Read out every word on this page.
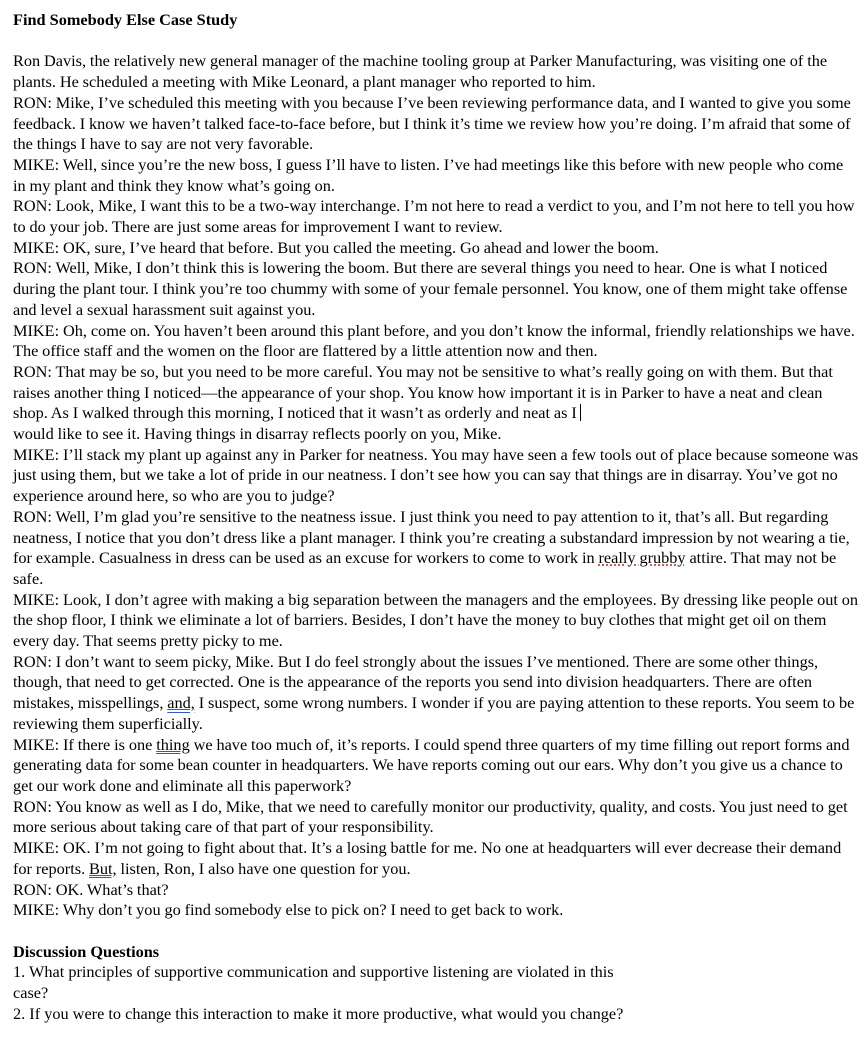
Find Somebody Else Case Study

Ron Davis, the relatively new general manager of the machine tooling group at Parker Manufacturing, was visiting one of the plants. He scheduled a meeting with Mike Leonard, a plant manager who reported to him.

RON: Mike, I’ve scheduled this meeting with you because I’ve been reviewing performance data, and I wanted to give you some feedback. I know we haven’t talked face-to-face before, but I think it’s time we review how you’re doing. I’m afraid that some of the things I have to say are not very favorable.

MIKE: Well, since you’re the new boss, I guess I’ll have to listen. I’ve had meetings like this before with new people who come in my plant and think they know what’s going on.

RON: Look, Mike, I want this to be a two-way interchange. I’m not here to read a verdict to you, and I’m not here to tell you how to do your job. There are just some areas for improvement I want to review.

MIKE: OK, sure, I’ve heard that before. But you called the meeting. Go ahead and lower the boom.

RON: Well, Mike, I don’t think this is lowering the boom. But there are several things you need to hear. One is what I noticed during the plant tour. I think you’re too chummy with some of your female personnel. You know, one of them might take offense and level a sexual harassment suit against you.

MIKE: Oh, come on. You haven’t been around this plant before, and you don’t know the informal, friendly relationships we have. The office staff and the women on the floor are flattered by a little attention now and then.

RON: That may be so, but you need to be more careful. You may not be sensitive to what’s really going on with them. But that raises another thing I noticed—the appearance of your shop. You know how important it is in Parker to have a neat and clean shop. As I walked through this morning, I noticed that it wasn’t as orderly and neat as I
would like to see it. Having things in disarray reflects poorly on you, Mike.

MIKE: I’ll stack my plant up against any in Parker for neatness. You may have seen a few tools out of place because someone was just using them, but we take a lot of pride in our neatness. I don’t see how you can say that things are in disarray. You’ve got no experience around here, so who are you to judge?

RON: Well, I’m glad you’re sensitive to the neatness issue. I just think you need to pay attention to it, that’s all. But regarding neatness, I notice that you don’t dress like a plant manager. I think you’re creating a substandard impression by not wearing a tie, for example. Casualness in dress can be used as an excuse for workers to come to work in really grubby attire. That may not be safe.

MIKE: Look, I don’t agree with making a big separation between the managers and the employees. By dressing like people out on the shop floor, I think we eliminate a lot of barriers. Besides, I don’t have the money to buy clothes that might get oil on them every day. That seems pretty picky to me.

RON: I don’t want to seem picky, Mike. But I do feel strongly about the issues I’ve mentioned. There are some other things, though, that need to get corrected. One is the appearance of the reports you send into division headquarters. There are often mistakes, misspellings, and, I suspect, some wrong numbers. I wonder if you are paying attention to these reports. You seem to be reviewing them superficially.

MIKE: If there is one thing we have too much of, it’s reports. I could spend three quarters of my time filling out report forms and generating data for some bean counter in headquarters. We have reports coming out our ears. Why don’t you give us a chance to get our work done and eliminate all this paperwork?

RON: You know as well as I do, Mike, that we need to carefully monitor our productivity, quality, and costs. You just need to get more serious about taking care of that part of your responsibility.

MIKE: OK. I’m not going to fight about that. It’s a losing battle for me. No one at headquarters will ever decrease their demand for reports. But, listen, Ron, I also have one question for you.

RON: OK. What’s that?

MIKE: Why don’t you go find somebody else to pick on? I need to get back to work.

Discussion Questions

1. What principles of supportive communication and supportive listening are violated in this case?

2. If you were to change this interaction to make it more productive, what would you change?
